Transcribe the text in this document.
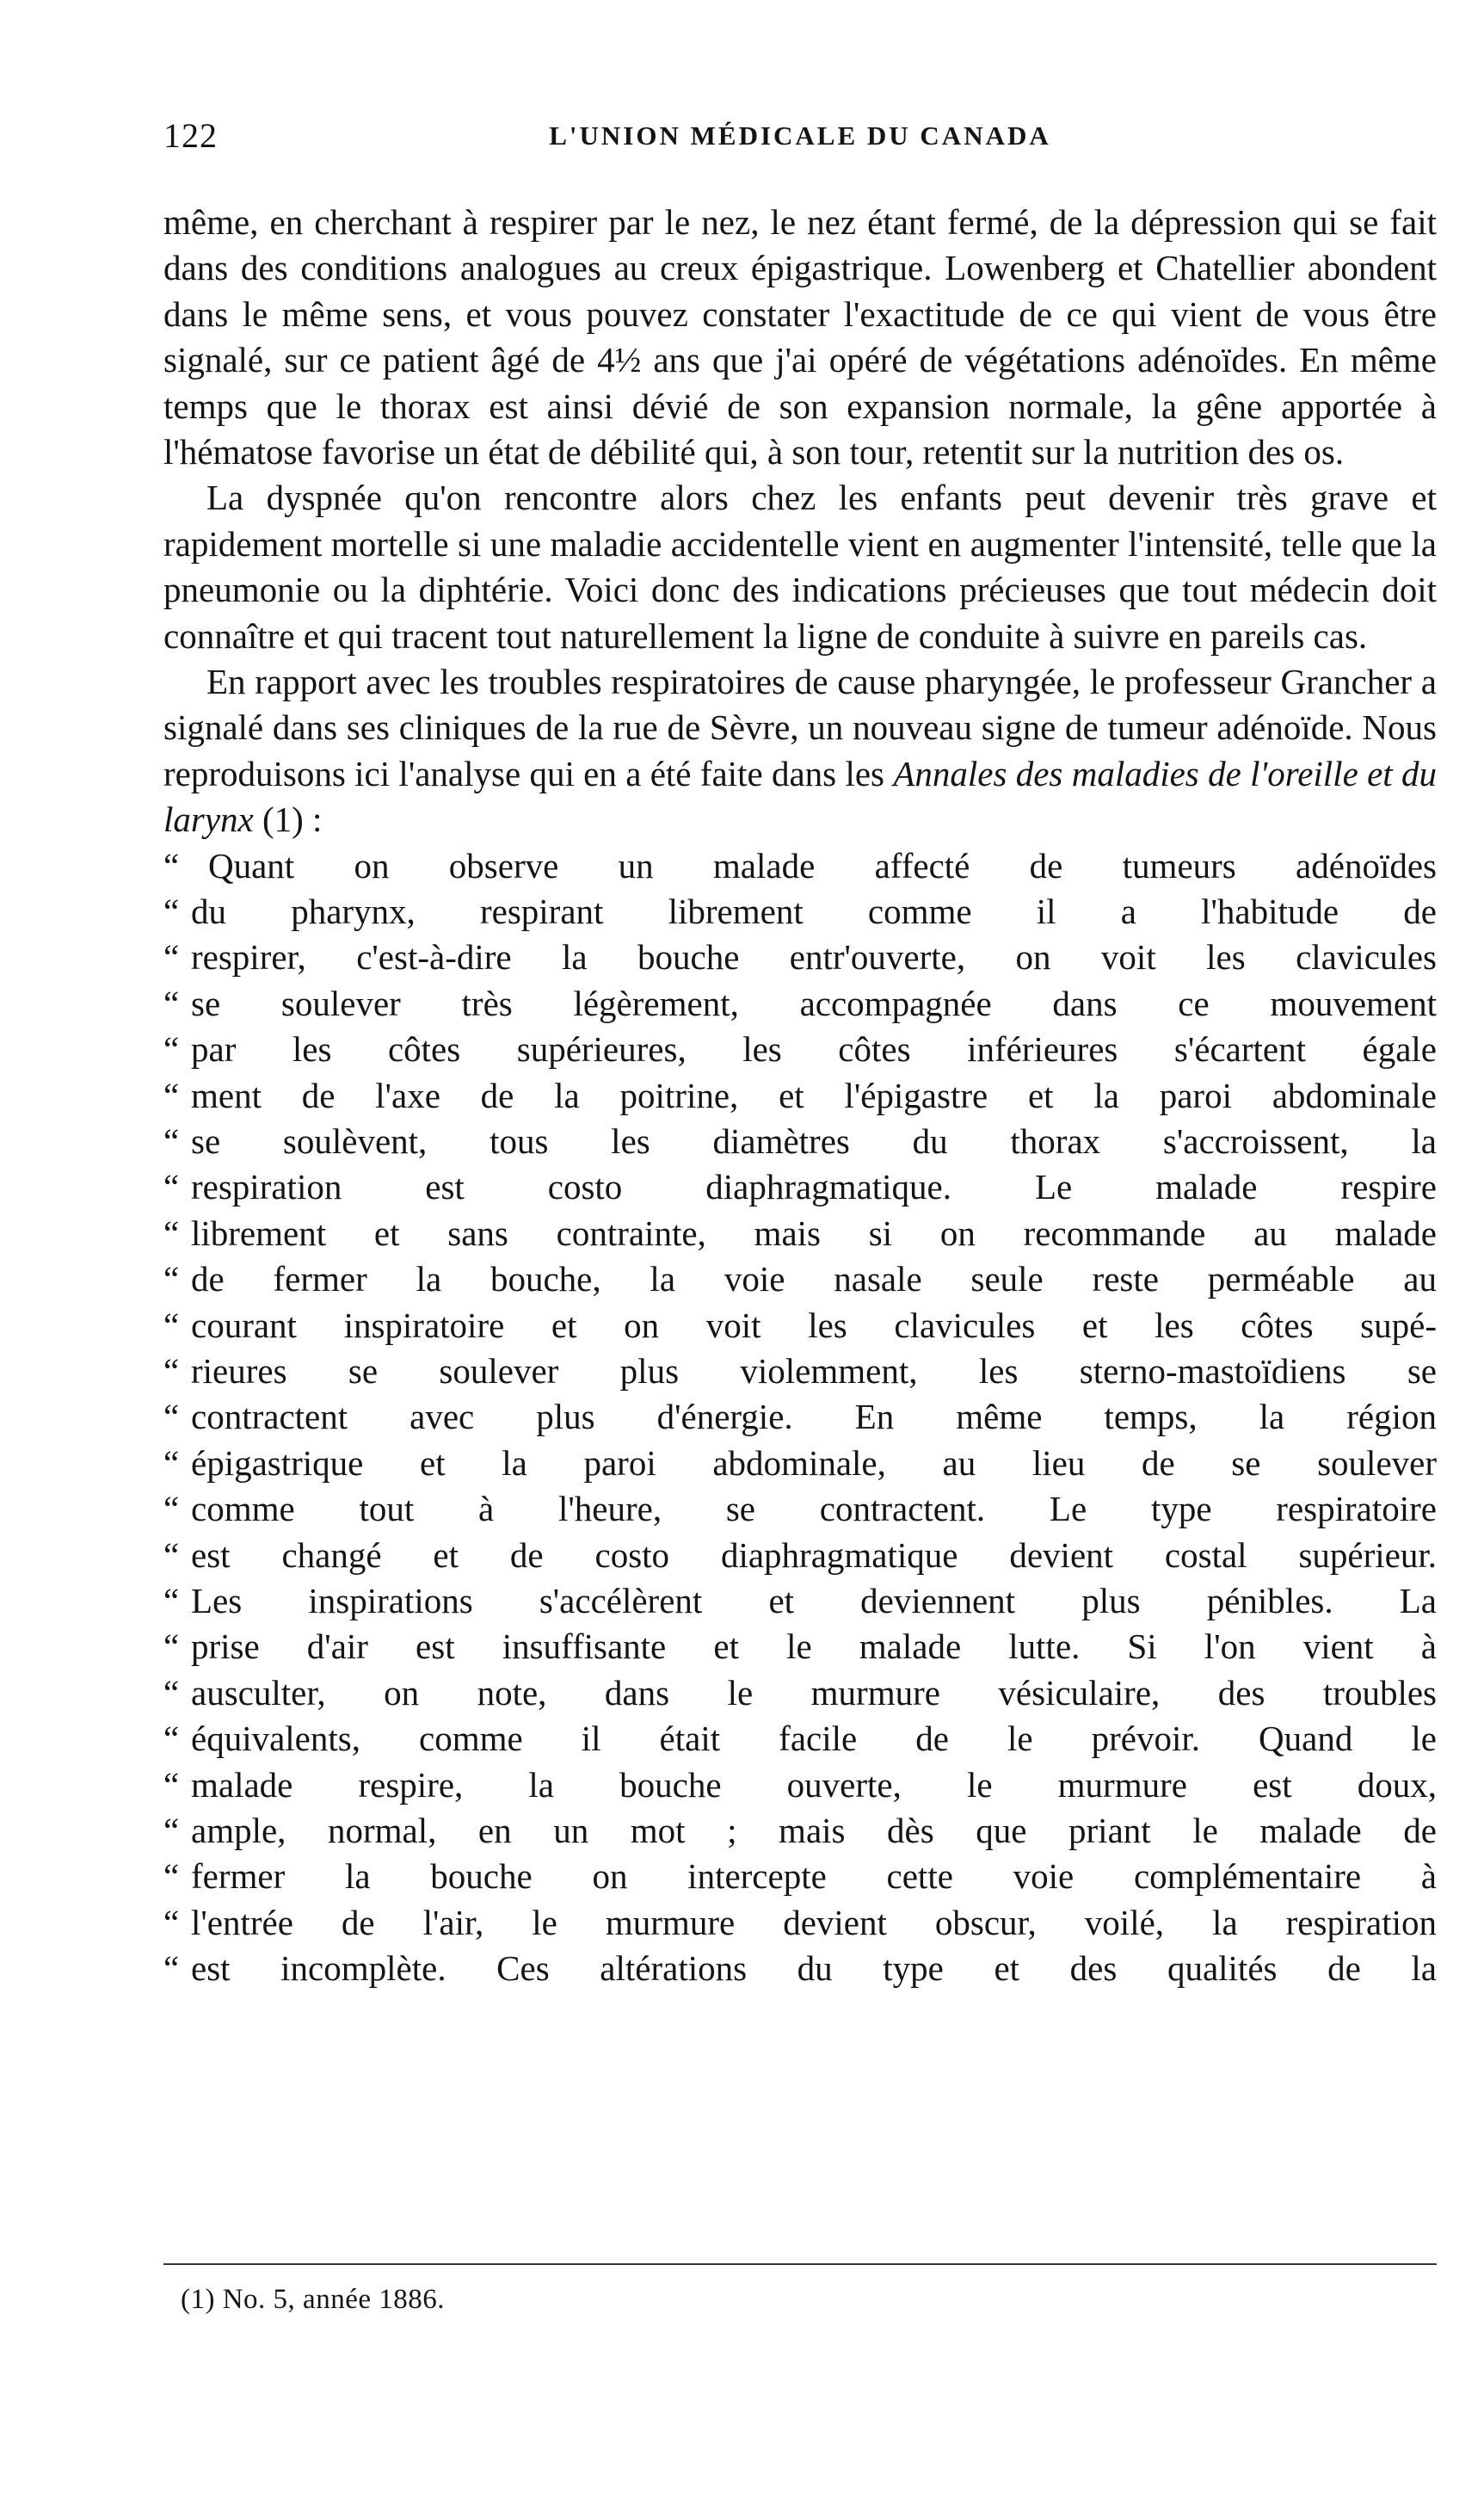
122	L'UNION MÉDICALE DU CANADA

même, en cherchant à respirer par le nez, le nez étant fermé, de la dépression qui se fait dans des conditions analogues au creux épigastrique. Lowenberg et Chatellier abondent dans le même sens, et vous pouvez constater l'exactitude de ce qui vient de vous être signalé, sur ce patient âgé de 4½ ans que j'ai opéré de végétations adénoïdes. En même temps que le thorax est ainsi dévié de son expansion normale, la gêne apportée à l'hématose favorise un état de débilité qui, à son tour, retentit sur la nutrition des os.

La dyspnée qu'on rencontre alors chez les enfants peut devenir très grave et rapidement mortelle si une maladie accidentelle vient en augmenter l'intensité, telle que la pneumonie ou la diphtérie. Voici donc des indications précieuses que tout médecin doit connaître et qui tracent tout naturellement la ligne de conduite à suivre en pareils cas.

En rapport avec les troubles respiratoires de cause pharyngée, le professeur Grancher a signalé dans ses cliniques de la rue de Sèvre, un nouveau signe de tumeur adénoïde. Nous reproduisons ici l'analyse qui en a été faite dans les Annales des maladies de l'oreille et du larynx (1) :

“ Quant on observe un malade affecté de tumeurs adénoïdes
“ du pharynx, respirant librement comme il a l'habitude de
“ respirer, c'est-à-dire la bouche entr'ouverte, on voit les clavicules
“ se soulever très légèrement, accompagnée dans ce mouvement
“ par les côtes supérieures, les côtes inférieures s'écartent égale
“ ment de l'axe de la poitrine, et l'épigastre et la paroi abdominale
“ se soulèvent, tous les diamètres du thorax s'accroissent, la
“ respiration est costo diaphragmatique. Le malade respire
“ librement et sans contrainte, mais si on recommande au malade
“ de fermer la bouche, la voie nasale seule reste perméable au
“ courant inspiratoire et on voit les clavicules et les côtes supé-
“ rieures se soulever plus violemment, les sterno-mastoïdiens se
“ contractent avec plus d'énergie. En même temps, la région
“ épigastrique et la paroi abdominale, au lieu de se soulever
“ comme tout à l'heure, se contractent. Le type respiratoire
“ est changé et de costo diaphragmatique devient costal supérieur.
“ Les inspirations s'accélèrent et deviennent plus pénibles. La
“ prise d'air est insuffisante et le malade lutte. Si l'on vient à
“ ausculter, on note, dans le murmure vésiculaire, des troubles
“ équivalents, comme il était facile de le prévoir. Quand le
“ malade respire, la bouche ouverte, le murmure est doux,
“ ample, normal, en un mot ; mais dès que priant le malade de
“ fermer la bouche on intercepte cette voie complémentaire à
“ l'entrée de l'air, le murmure devient obscur, voilé, la respiration
“ est incomplète. Ces altérations du type et des qualités de la
(1) No. 5, année 1886.
